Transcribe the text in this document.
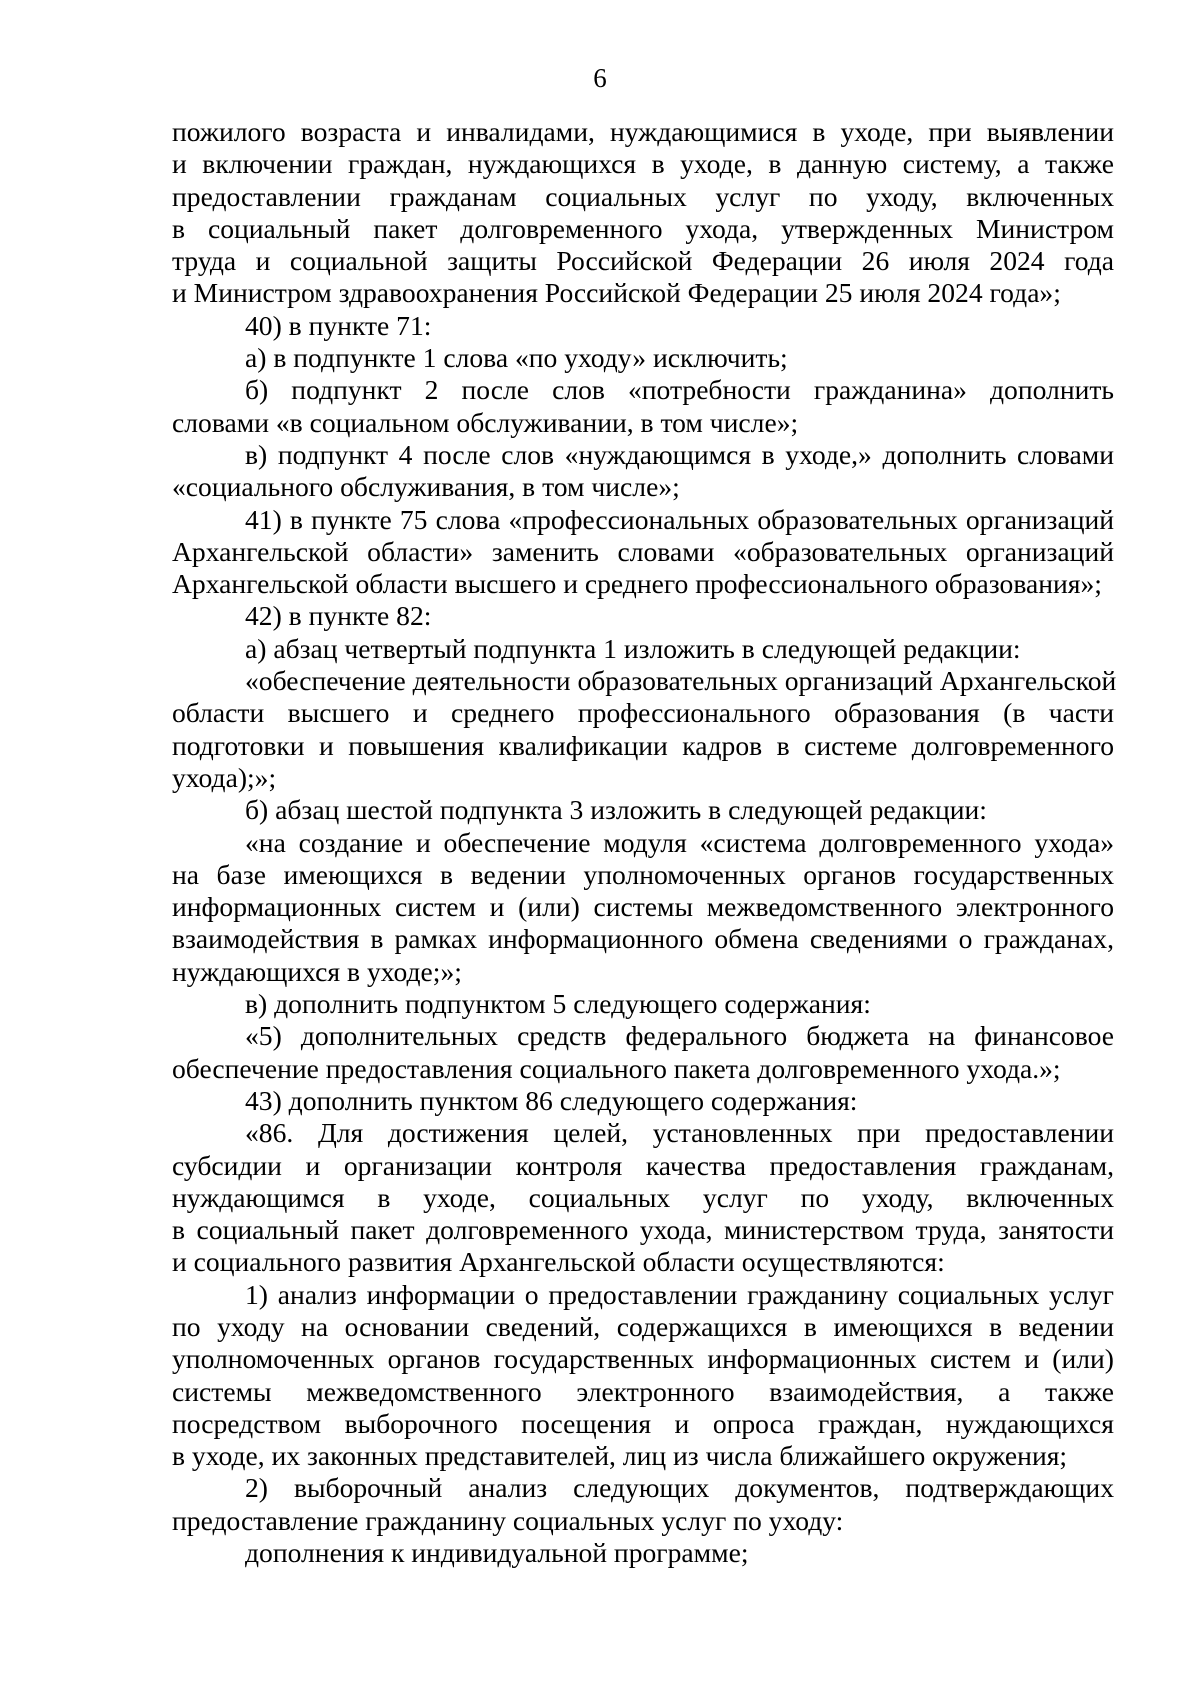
6
пожилого возраста и инвалидами, нуждающимися в уходе, при выявлении
и включении граждан, нуждающихся в уходе, в данную систему, а также
предоставлении гражданам социальных услуг по уходу, включенных
в социальный пакет долговременного ухода, утвержденных Министром
труда и социальной защиты Российской Федерации 26 июля 2024 года
и Министром здравоохранения Российской Федерации 25 июля 2024 года»;
40) в пункте 71:
а) в подпункте 1 слова «по уходу» исключить;
б) подпункт 2 после слов «потребности гражданина» дополнить
словами «в социальном обслуживании, в том числе»;
в) подпункт 4 после слов «нуждающимся в уходе,» дополнить словами
«социального обслуживания, в том числе»;
41) в пункте 75 слова «профессиональных образовательных организаций
Архангельской области» заменить словами «образовательных организаций
Архангельской области высшего и среднего профессионального образования»;
42) в пункте 82:
а) абзац четвертый подпункта 1 изложить в следующей редакции:
«обеспечение деятельности образовательных организаций Архангельской
области высшего и среднего профессионального образования (в части
подготовки и повышения квалификации кадров в системе долговременного
ухода);»;
б) абзац шестой подпункта 3 изложить в следующей редакции:
«на создание и обеспечение модуля «система долговременного ухода»
на базе имеющихся в ведении уполномоченных органов государственных
информационных систем и (или) системы межведомственного электронного
взаимодействия в рамках информационного обмена сведениями о гражданах,
нуждающихся в уходе;»;
в) дополнить подпунктом 5 следующего содержания:
«5) дополнительных средств федерального бюджета на финансовое
обеспечение предоставления социального пакета долговременного ухода.»;
43) дополнить пунктом 86 следующего содержания:
«86. Для достижения целей, установленных при предоставлении
субсидии и организации контроля качества предоставления гражданам,
нуждающимся в уходе, социальных услуг по уходу, включенных
в социальный пакет долговременного ухода, министерством труда, занятости
и социального развития Архангельской области осуществляются:
1) анализ информации о предоставлении гражданину социальных услуг
по уходу на основании сведений, содержащихся в имеющихся в ведении
уполномоченных органов государственных информационных систем и (или)
системы межведомственного электронного взаимодействия, а также
посредством выборочного посещения и опроса граждан, нуждающихся
в уходе, их законных представителей, лиц из числа ближайшего окружения;
2) выборочный анализ следующих документов, подтверждающих
предоставление гражданину социальных услуг по уходу:
дополнения к индивидуальной программе;
